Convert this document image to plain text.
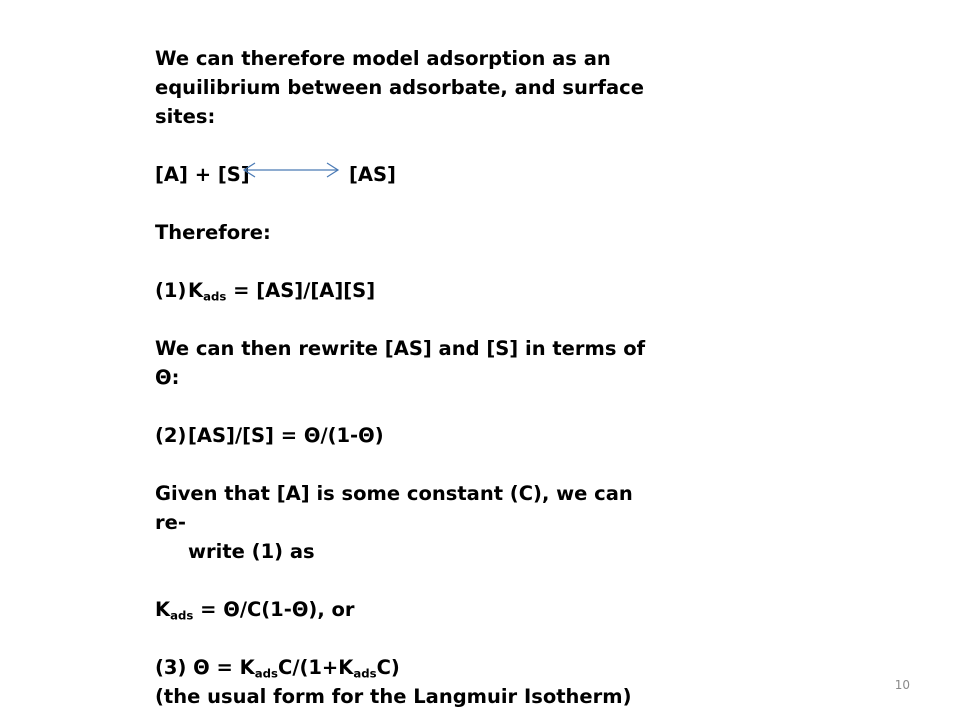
We can therefore model adsorption as an equilibrium between adsorbate, and surface sites:

[A] + [S]	[AS]

Therefore:

$(1)K_{ads} = [AS]/[A][S]$

We can then rewrite [AS] and [S] in terms of Θ:

(2)[AS]/[S] = Θ/(1-Θ)

Given that [A] is some constant (C), we can re-

write (1) as

$K_{ads} = \Theta/C(1-\Theta)$, or

(3) $\Theta = K_{ads}C/(1+K_{ads}C)$

(the usual form for the Langmuir Isotherm)	10
